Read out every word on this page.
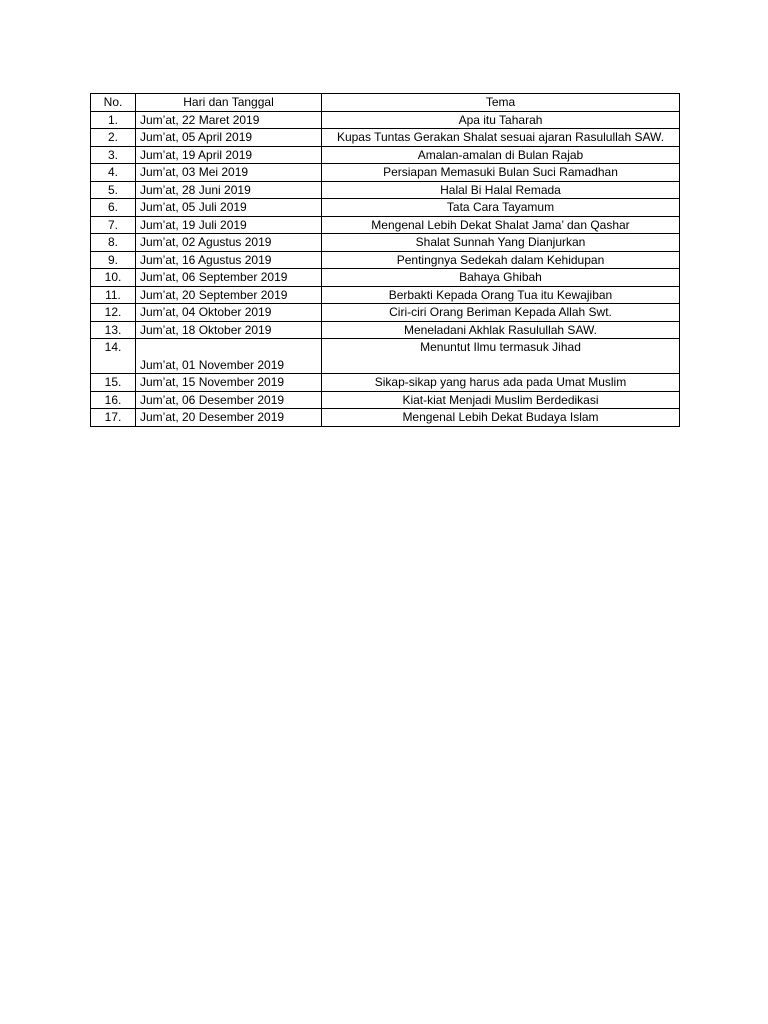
No.	Hari dan Tanggal	Tema
1.	Jum’at, 22 Maret 2019	Apa itu Taharah
2.	Jum’at, 05 April 2019	Kupas Tuntas Gerakan Shalat sesuai ajaran Rasulullah SAW.
3.	Jum’at, 19 April 2019	Amalan-amalan di Bulan Rajab
4.	Jum’at, 03 Mei 2019	Persiapan Memasuki Bulan Suci Ramadhan
5.	Jum’at, 28 Juni 2019	Halal Bi Halal Remada
6.	Jum’at, 05 Juli 2019	Tata Cara Tayamum
7.	Jum’at, 19 Juli 2019	Mengenal Lebih Dekat Shalat Jama’ dan Qashar
8.	Jum’at, 02 Agustus 2019	Shalat Sunnah Yang Dianjurkan
9.	Jum’at, 16 Agustus 2019	Pentingnya Sedekah dalam Kehidupan
10.	Jum’at, 06 September 2019	Bahaya Ghibah
11.	Jum’at, 20 September 2019	Berbakti Kepada Orang Tua itu Kewajiban
12.	Jum’at, 04 Oktober 2019	Ciri-ciri Orang Beriman Kepada Allah Swt.
13.	Jum’at, 18 Oktober 2019	Meneladani Akhlak Rasulullah SAW.
14.	Jum’at, 01 November 2019	Menuntut Ilmu termasuk Jihad
15.	Jum’at, 15 November 2019	Sikap-sikap yang harus ada pada Umat Muslim
16.	Jum’at, 06 Desember 2019	Kiat-kiat Menjadi Muslim Berdedikasi
17.	Jum’at, 20 Desember 2019	Mengenal Lebih Dekat Budaya Islam
